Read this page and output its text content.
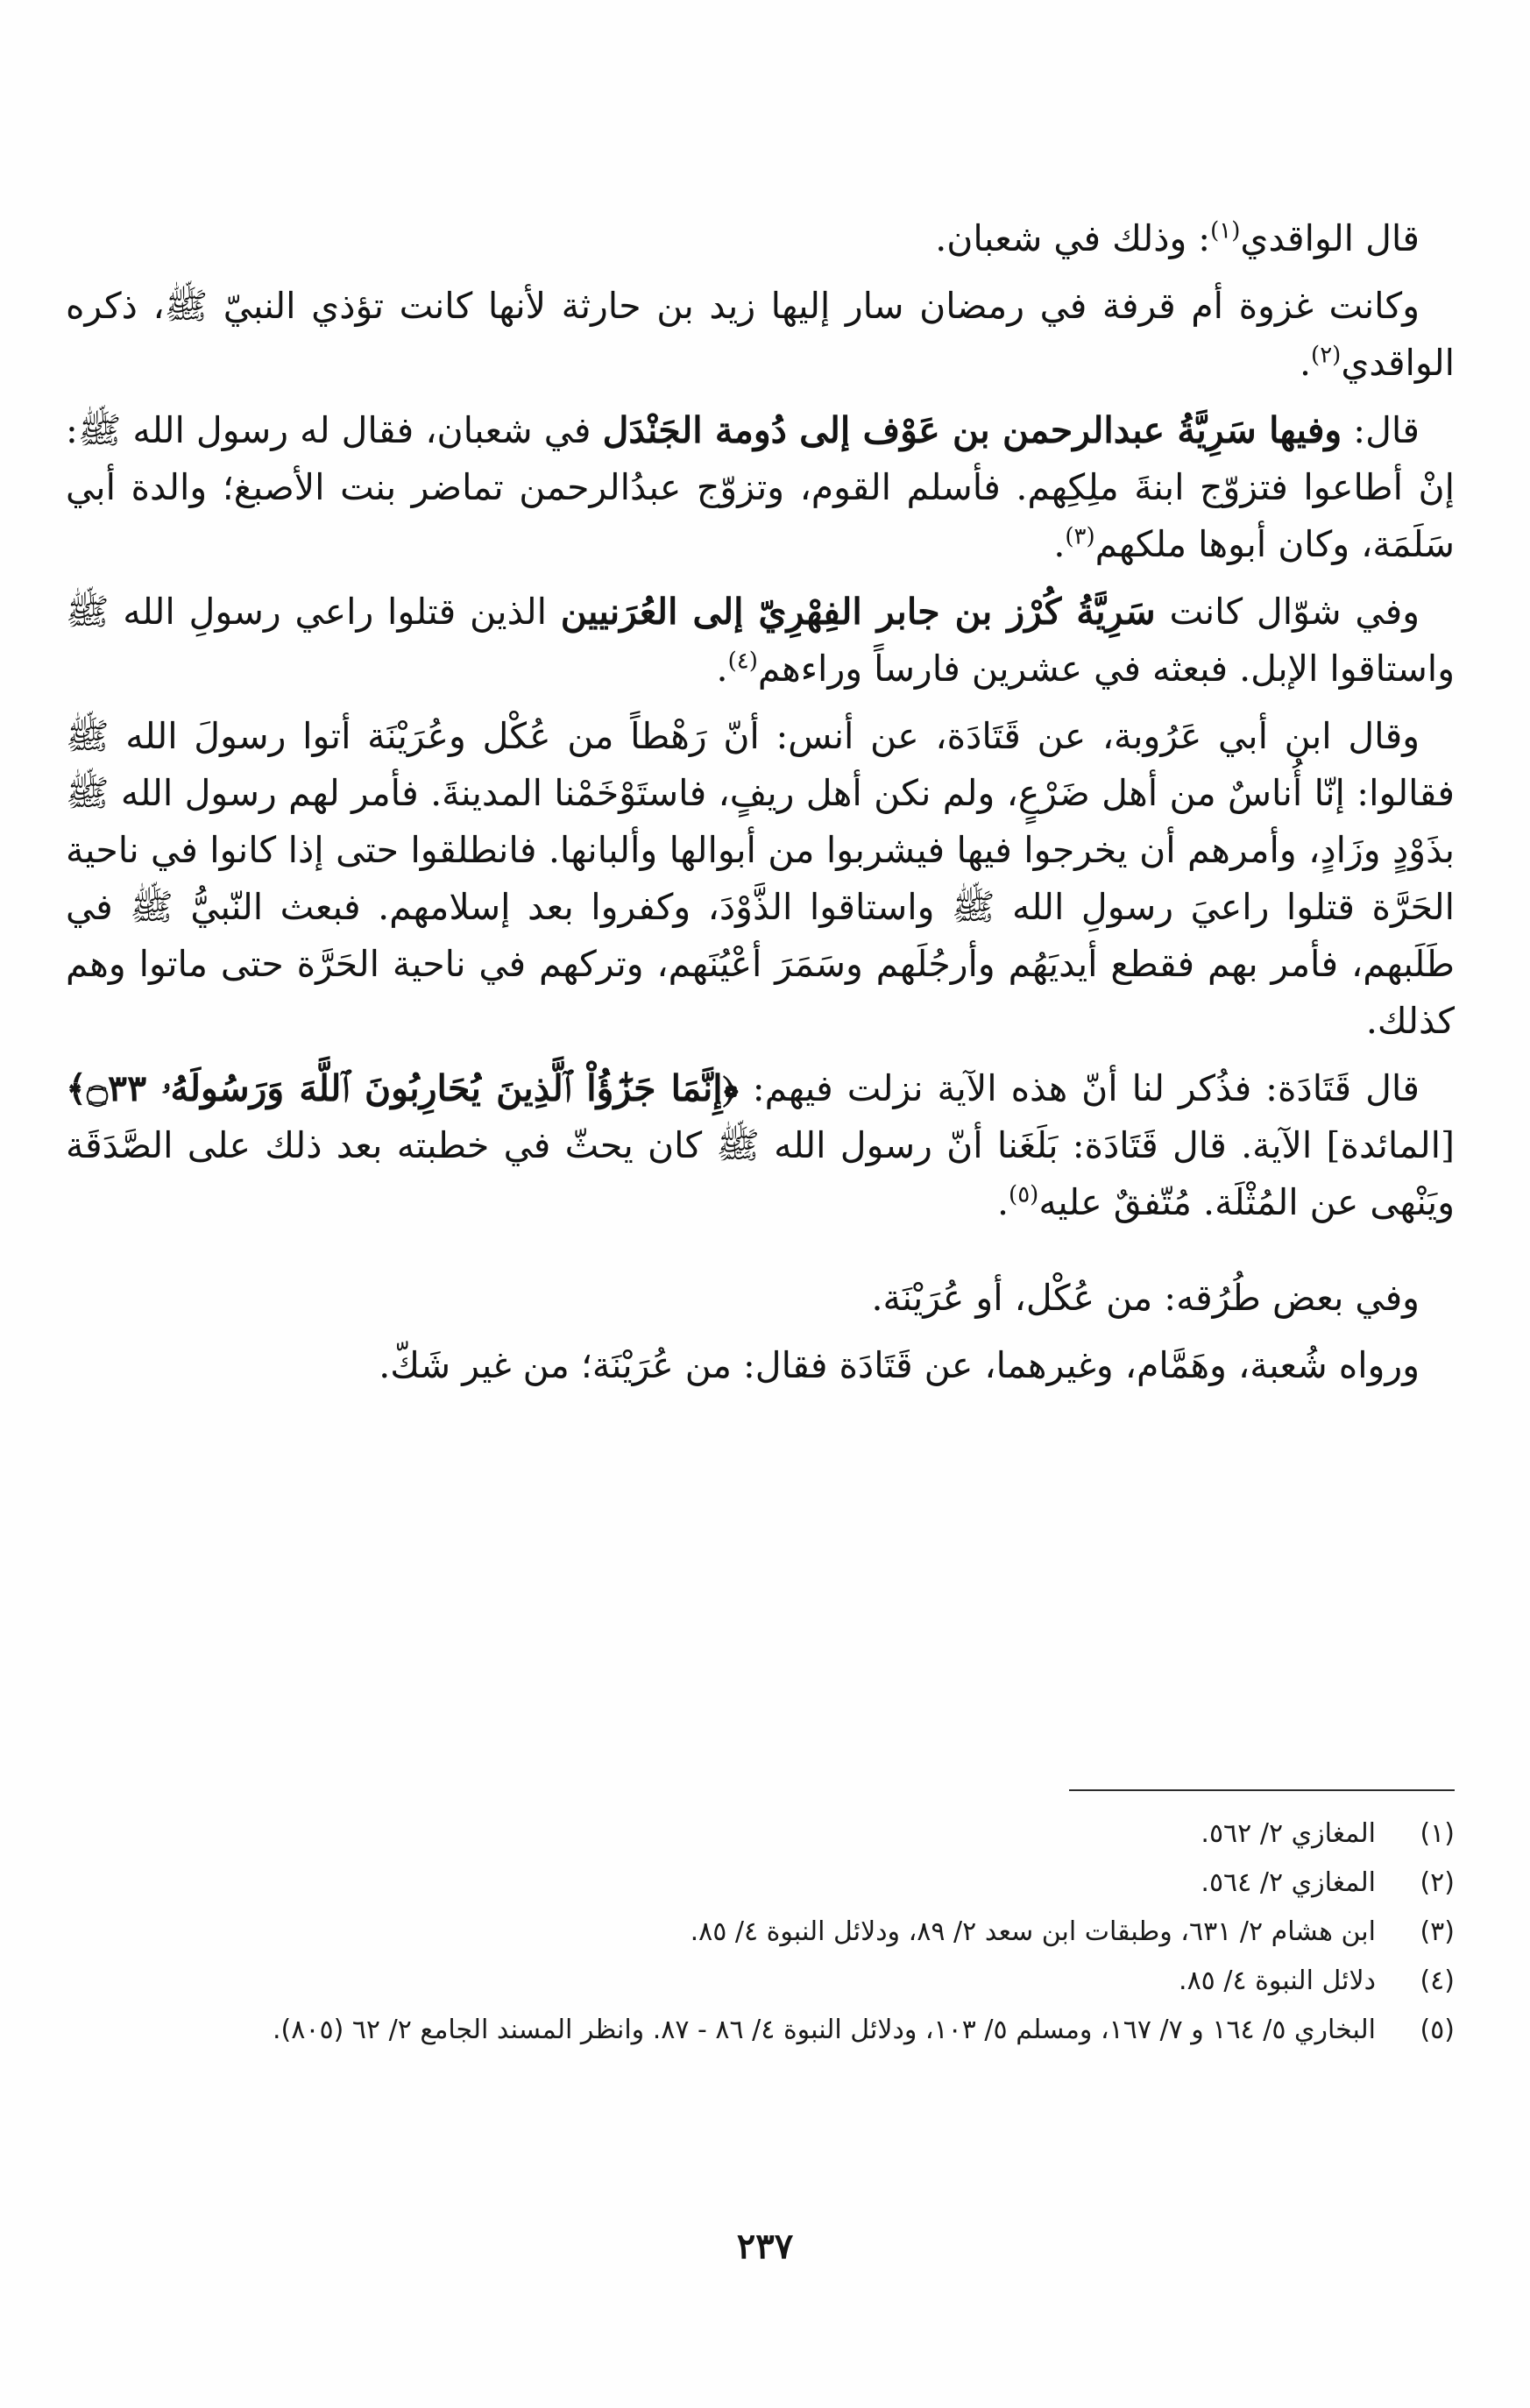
قال الواقدي$^{(١)}$: وذلك في شعبان.

وكانت غزوة أم قرفة في رمضان سار إليها زيد بن حارثة لأنها كانت تؤذي النبيّ ﷺ، ذكره الواقدي$^{(٢)}$.

قال: وفيها سَرِيَّةُ عبدالرحمن بن عَوْف إلى دُومة الجَنْدَل في شعبان، فقال له رسول الله ﷺ: إنْ أطاعوا فتزوّج ابنةَ ملِكِهم. فأسلم القوم، وتزوّج عبدُالرحمن تماضر بنت الأصبغ؛ والدة أبي سَلَمَة، وكان أبوها ملكهم$^{(٣)}$.

وفي شوّال كانت سَرِيَّةُ كُرْز بن جابر الفِهْرِيّ إلى العُرَنيين الذين قتلوا راعي رسولِ الله ﷺ واستاقوا الإبل. فبعثه في عشرين فارساً وراءهم$^{(٤)}$.

وقال ابن أبي عَرُوبة، عن قَتَادَة، عن أنس: أنّ رَهْطاً من عُكْل وعُرَيْنَة أتوا رسولَ الله ﷺ فقالوا: إنّا أُناسٌ من أهل ضَرْعٍ، ولم نكن أهل ريفٍ، فاستَوْخَمْنا المدينةَ. فأمر لهم رسول الله ﷺ بذَوْدٍ وزَادٍ، وأمرهم أن يخرجوا فيها فيشربوا من أبوالها وألبانها. فانطلقوا حتى إذا كانوا في ناحية الحَرَّة قتلوا راعيَ رسولِ الله ﷺ واستاقوا الذَّوْدَ، وكفروا بعد إسلامهم. فبعث النّبيُّ ﷺ في طَلَبهم، فأمر بهم فقطع أيديَهُم وأرجُلَهم وسَمَرَ أعْيُنَهم، وتركهم في ناحية الحَرَّة حتى ماتوا وهم كذلك.

قال قَتَادَة: فذُكر لنا أنّ هذه الآية نزلت فيهم: ﴿إِنَّمَا جَزَٰٓؤُاْ ٱلَّذِينَ يُحَارِبُونَ ٱللَّهَ وَرَسُولَهُۥ ۝٣٣﴾ [المائدة] الآية. قال قَتَادَة: بَلَغَنا أنّ رسول الله ﷺ كان يحثّ في خطبته بعد ذلك على الصَّدَقَة ويَنْهى عن المُثْلَة. مُتّفقٌ عليه$^{(٥)}$.

وفي بعض طُرُقه: من عُكْل، أو عُرَيْنَة.

ورواه شُعبة، وهَمَّام، وغيرهما، عن قَتَادَة فقال: من عُرَيْنَة؛ من غير شَكّ.

(١)
المغازي ٢/ ٥٦٢.
(٢)
المغازي ٢/ ٥٦٤.
(٣)
ابن هشام ٢/ ٦٣١، وطبقات ابن سعد ٢/ ٨٩، ودلائل النبوة ٤/ ٨٥.
(٤)
دلائل النبوة ٤/ ٨٥.
(٥)
البخاري ٥/ ١٦٤ و ٧/ ١٦٧، ومسلم ٥/ ١٠٣، ودلائل النبوة ٤/ ٨٦ - ٨٧. وانظر المسند الجامع ٢/ ٦٢ (٨٠٥).
٢٣٧
